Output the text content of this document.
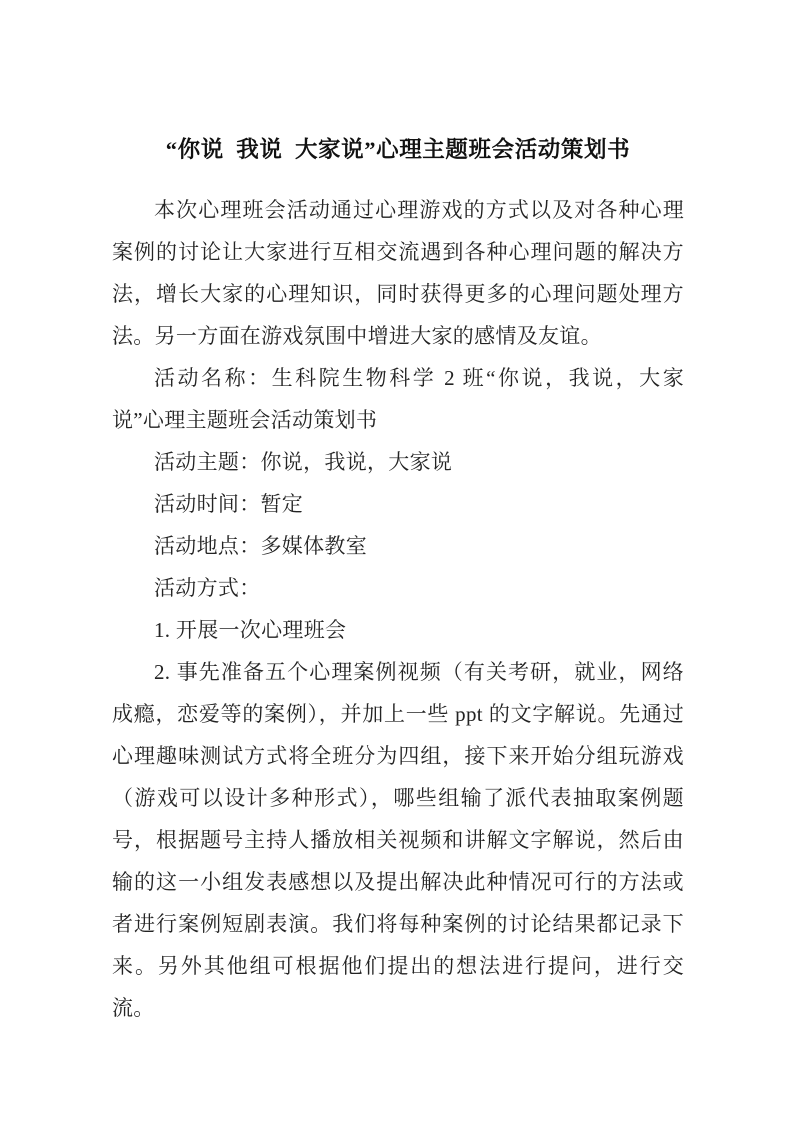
“你说  我说  大家说”心理主题班会活动策划书

本次心理班会活动通过心理游戏的方式以及对各种心理案例的讨论让大家进行互相交流遇到各种心理问题的解决方法，增长大家的心理知识，同时获得更多的心理问题处理方法。另一方面在游戏氛围中增进大家的感情及友谊。

活动名称：生科院生物科学 2 班“你说，我说，大家说”心理主题班会活动策划书

活动主题：你说，我说，大家说

活动时间：暂定

活动地点：多媒体教室

活动方式：

1. 开展一次心理班会

2. 事先准备五个心理案例视频（有关考研，就业，网络成瘾，恋爱等的案例），并加上一些 ppt 的文字解说。先通过心理趣味测试方式将全班分为四组，接下来开始分组玩游戏（游戏可以设计多种形式），哪些组输了派代表抽取案例题号，根据题号主持人播放相关视频和讲解文字解说，然后由输的这一小组发表感想以及提出解决此种情况可行的方法或者进行案例短剧表演。我们将每种案例的讨论结果都记录下来。另外其他组可根据他们提出的想法进行提问，进行交流。
